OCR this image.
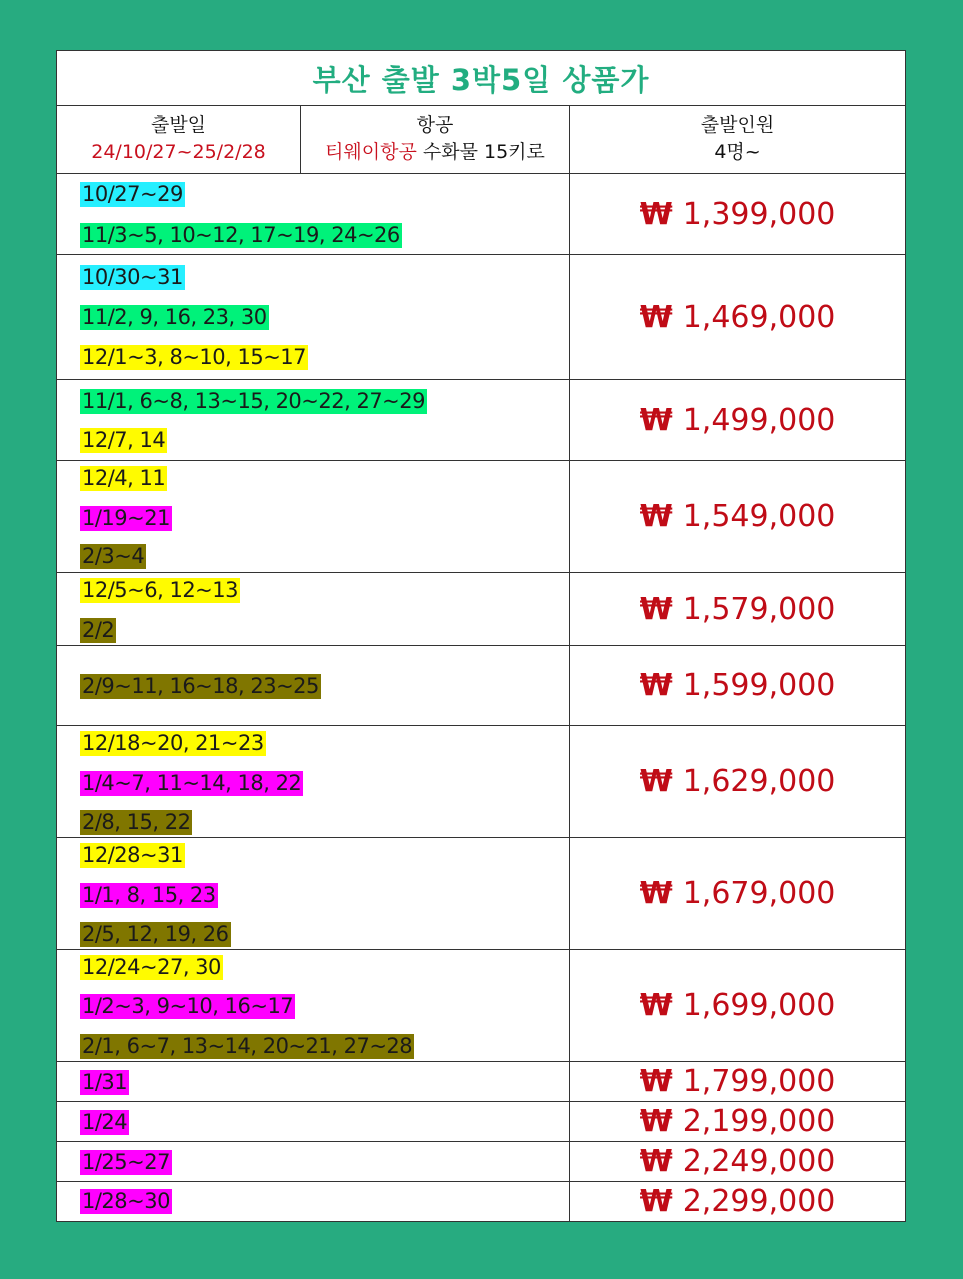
부산 출발 3박5일 상품가
출발일
24/10/27~25/2/28
항공
티웨이항공 수화물 15키로
출발인원
4명~
10/27~29
11/3~5, 10~12, 17~19, 24~26
₩ 1,399,000
10/30~31
11/2, 9, 16, 23, 30
12/1~3, 8~10, 15~17
₩ 1,469,000
11/1, 6~8, 13~15, 20~22, 27~29
12/7, 14
₩ 1,499,000
12/4, 11
1/19~21
2/3~4
₩ 1,549,000
12/5~6, 12~13
2/2
₩ 1,579,000
2/9~11, 16~18, 23~25	₩ 1,599,000
12/18~20, 21~23
1/4~7, 11~14, 18, 22
2/8, 15, 22
₩ 1,629,000
12/28~31
1/1, 8, 15, 23
2/5, 12, 19, 26
₩ 1,679,000
12/24~27, 30
1/2~3, 9~10, 16~17
2/1, 6~7, 13~14, 20~21, 27~28
₩ 1,699,000
1/31	₩ 1,799,000
1/24	₩ 2,199,000
1/25~27	₩ 2,249,000
1/28~30	₩ 2,299,000
